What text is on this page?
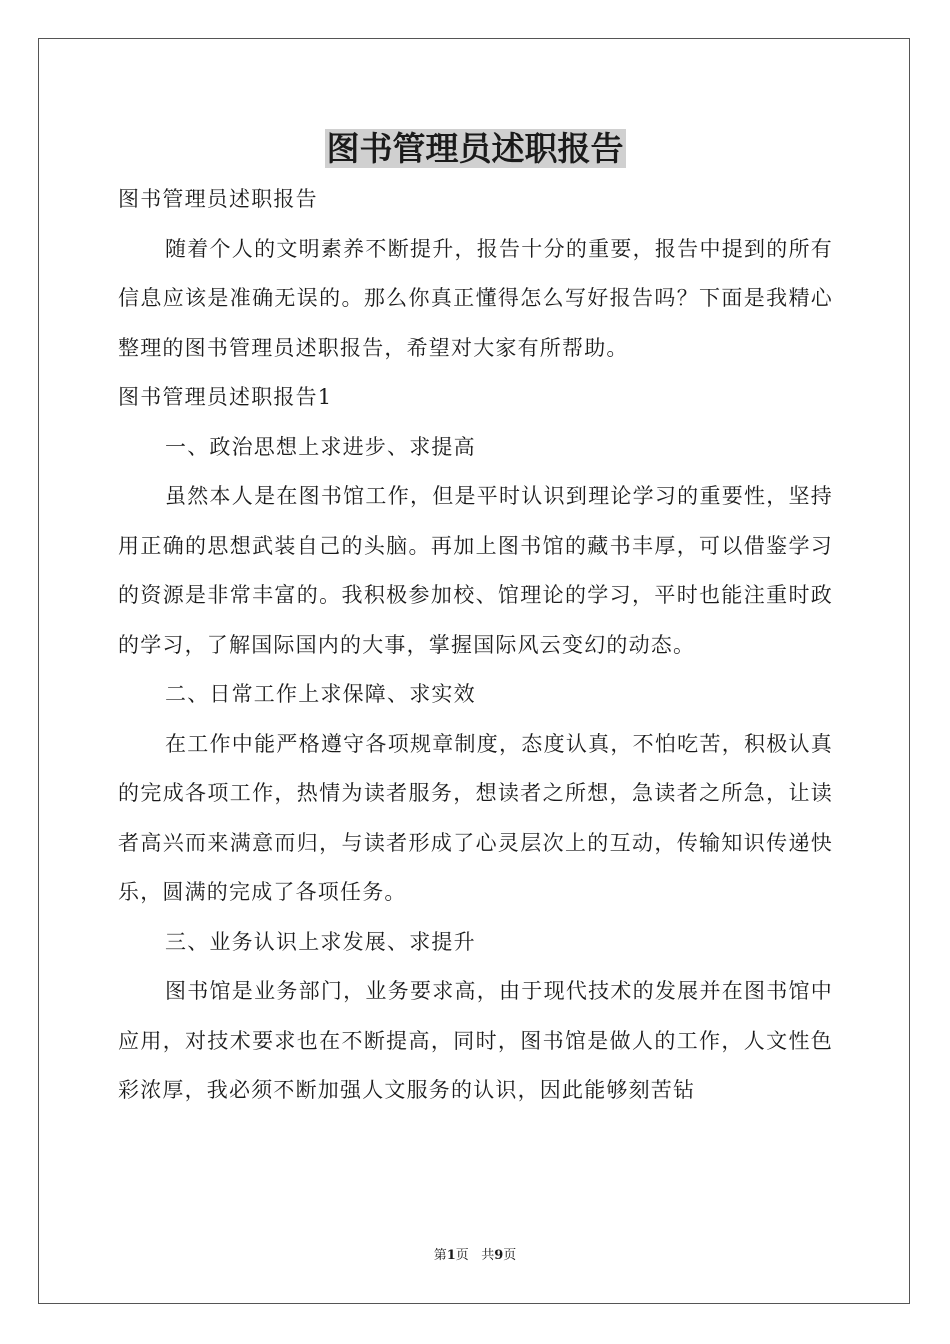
图书管理员述职报告

图书管理员述职报告

随着个人的文明素养不断提升，报告十分的重要，报告中提到的所有信息应该是准确无误的。那么你真正懂得怎么写好报告吗？下面是我精心整理的图书管理员述职报告，希望对大家有所帮助。

图书管理员述职报告1

一、政治思想上求进步、求提高

虽然本人是在图书馆工作，但是平时认识到理论学习的重要性，坚持用正确的思想武装自己的头脑。再加上图书馆的藏书丰厚，可以借鉴学习的资源是非常丰富的。我积极参加校、馆理论的学习，平时也能注重时政的学习，了解国际国内的大事，掌握国际风云变幻的动态。

二、日常工作上求保障、求实效

在工作中能严格遵守各项规章制度，态度认真，不怕吃苦，积极认真的完成各项工作，热情为读者服务，想读者之所想，急读者之所急，让读者高兴而来满意而归，与读者形成了心灵层次上的互动，传输知识传递快乐，圆满的完成了各项任务。

三、业务认识上求发展、求提升

图书馆是业务部门，业务要求高，由于现代技术的发展并在图书馆中应用，对技术要求也在不断提高，同时，图书馆是做人的工作，人文性色彩浓厚，我必须不断加强人文服务的认识，因此能够刻苦钻

第1页 共9页
